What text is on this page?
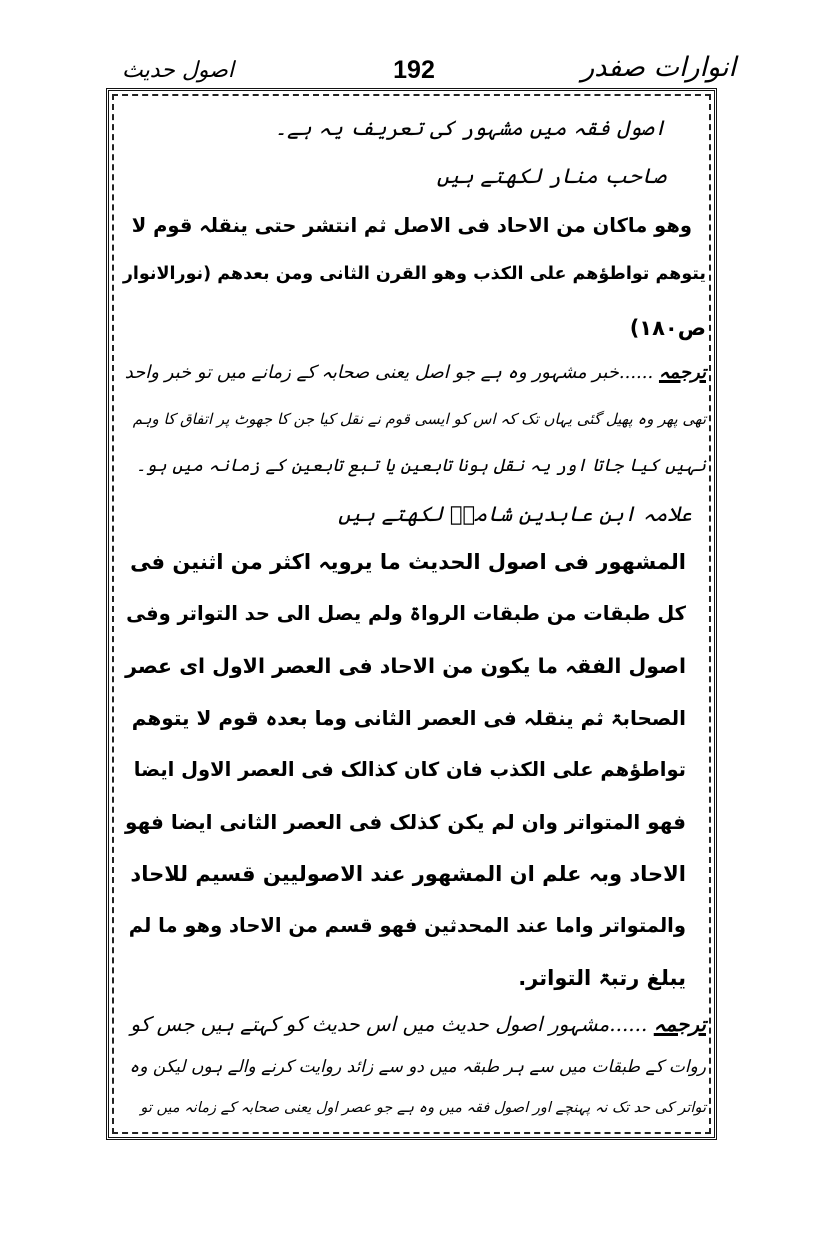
انوارات صفدر
192
اصول حدیث
اصول فقہ میں مشہور کی تعریف یہ ہے۔
صاحب منار لکھتے ہیں
وھو ماکان من الاحاد فی الاصل ثم انتشر حتی ینقلہ قوم لا
یتوھم تواطؤھم علی الکذب وھو القرن الثانی ومن بعدھم (نورالانوار
ص۱۸۰)
ترجمہ ......خبر مشہور وہ ہے جو اصل یعنی صحابہ کے زمانے میں تو خبر واحد
تھی پھر وہ پھیل گئی یہاں تک کہ اس کو ایسی قوم نے نقل کیا جن کا جھوٹ پر اتفاق کا وہم
نہیں کیا جاتا اور یہ نقل ہونا تابعین یا تبع تابعین کے زمانہ میں ہو۔
علامہ ابن عابدین شامیؒ لکھتے ہیں
المشھور فی اصول الحدیث ما یرویہ اکثر من اثنین فی
کل طبقات من طبقات الرواۃ ولم یصل الی حد التواتر وفی
اصول الفقہ ما یکون من الاحاد فی العصر الاول ای عصر
الصحابۃ ثم ینقلہ فی العصر الثانی وما بعدہ قوم لا یتوھم
تواطؤھم علی الکذب فان کان کذالک فی العصر الاول ایضا
فھو المتواتر وان لم یکن کذلک فی العصر الثانی ایضا فھو
الاحاد وبہ علم ان المشھور عند الاصولیین قسیم للاحاد
والمتواتر واما عند المحدثین فھو قسم من الاحاد وھو ما لم
یبلغ رتبۃ التواتر.
ترجمہ ......مشہور اصول حدیث میں اس حدیث کو کہتے ہیں جس کو
روات کے طبقات میں سے ہر طبقہ میں دو سے زائد روایت کرنے والے ہوں لیکن وہ
تواتر کی حد تک نہ پہنچے اور اصول فقہ میں وہ ہے جو عصر اول یعنی صحابہ کے زمانہ میں تو
